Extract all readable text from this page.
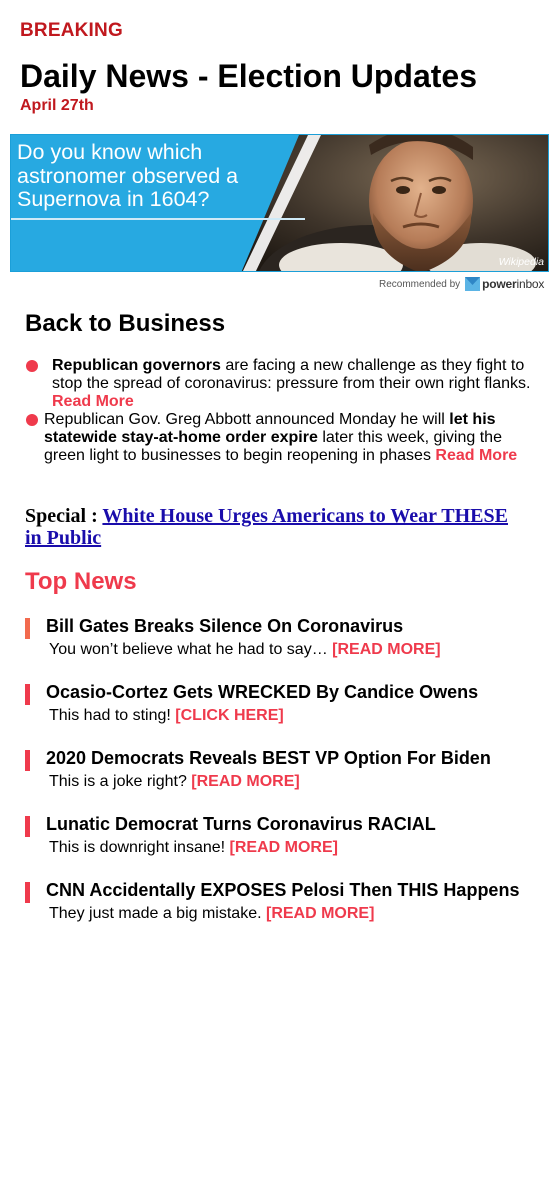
BREAKING
Daily News - Election Updates
April 27th
Do you know which astronomer observed a Supernova in 1604?
Wikipedia
Recommended by powerinbox
Back to Business
Republican governors are facing a new challenge as they fight to stop the spread of coronavirus: pressure from their own right flanks. Read More
Republican Gov. Greg Abbott announced Monday he will let his statewide stay-at-home order expire later this week, giving the green light to businesses to begin reopening in phases Read More
Special : White House Urges Americans to Wear THESE in Public
Top News
Bill Gates Breaks Silence On Coronavirus
You won’t believe what he had to say… [READ MORE]
Ocasio-Cortez Gets WRECKED By Candice Owens
This had to sting! [CLICK HERE]
2020 Democrats Reveals BEST VP Option For Biden
This is a joke right? [READ MORE]
Lunatic Democrat Turns Coronavirus RACIAL
This is downright insane! [READ MORE]
CNN Accidentally EXPOSES Pelosi Then THIS Happens
They just made a big mistake. [READ MORE]
